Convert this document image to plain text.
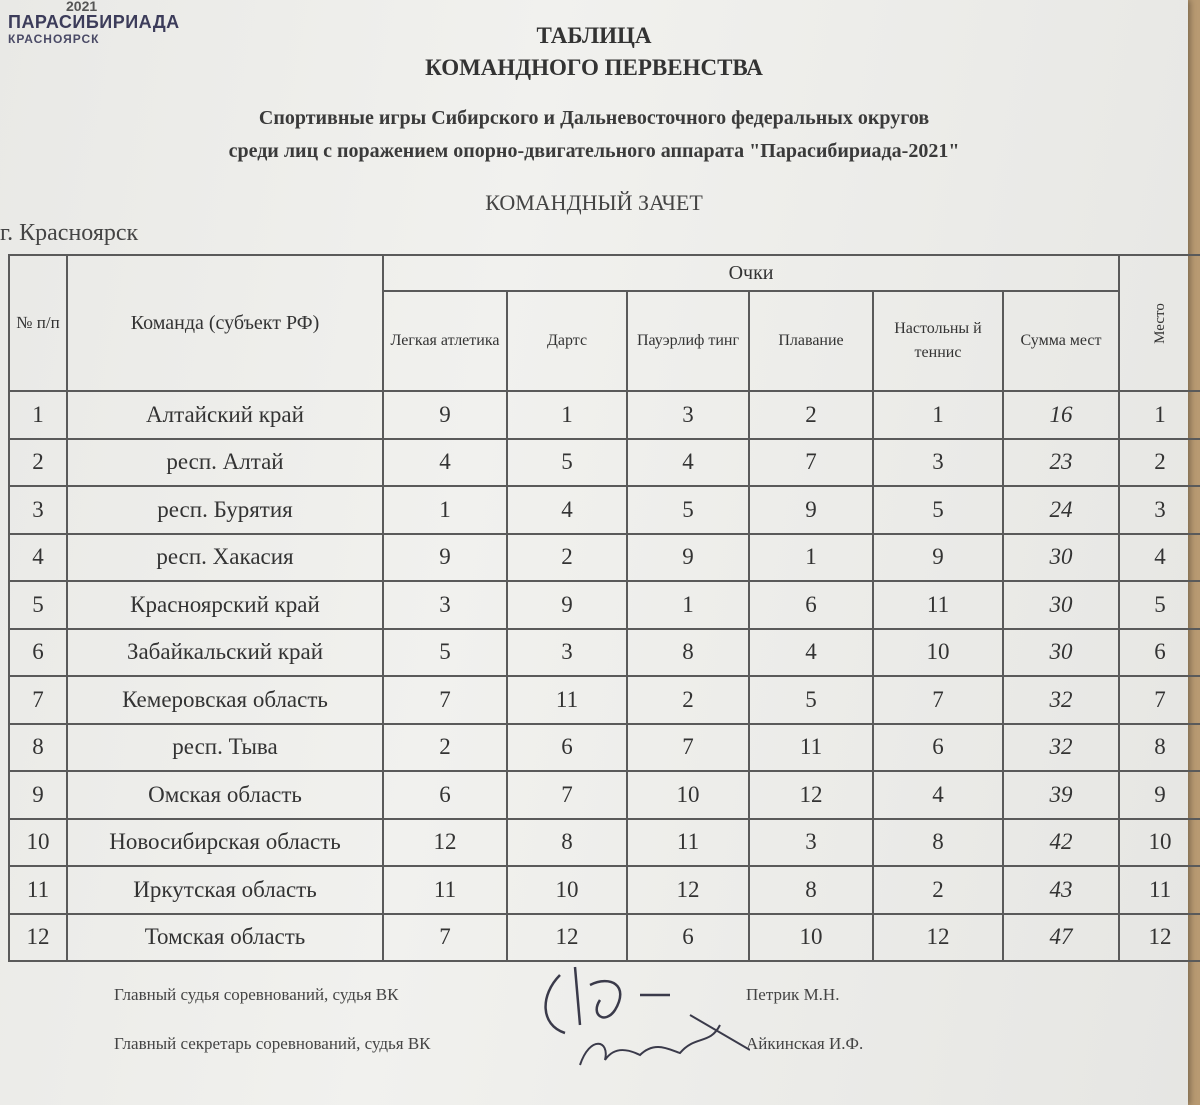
2021
ПАРАСИБИРИАДА
КРАСНОЯРСК	ТАБЛИЦА
КОМАНДНОГО ПЕРВЕНСТВА
Спортивные игры Сибирского и Дальневосточного федеральных округов
среди лиц с поражением опорно-двигательного аппарата "Парасибириада-2021"
КОМАНДНЫЙ ЗАЧЕТ
г. Красноярск
№ п/п	Команда (субъект РФ)	Очки						Место
		Легкая атлетика	Дартс	Пауэрлиф тинг	Плавание	Настольны й теннис	Сумма мест	
1	Алтайский край	9	1	3	2	1	16	1
2	респ. Алтай	4	5	4	7	3	23	2
3	респ. Бурятия	1	4	5	9	5	24	3
4	респ. Хакасия	9	2	9	1	9	30	4
5	Красноярский край	3	9	1	6	11	30	5
6	Забайкальский край	5	3	8	4	10	30	6
7	Кемеровская область	7	11	2	5	7	32	7
8	респ. Тыва	2	6	7	11	6	32	8
9	Омская область	6	7	10	12	4	39	9
10	Новосибирская область	12	8	11	3	8	42	10
11	Иркутская область	11	10	12	8	2	43	11
12	Томская область	7	12	6	10	12	47	12
Главный судья соревнований, судья ВК	Петрик М.Н.
Главный секретарь соревнований, судья ВК	Айкинская И.Ф.
